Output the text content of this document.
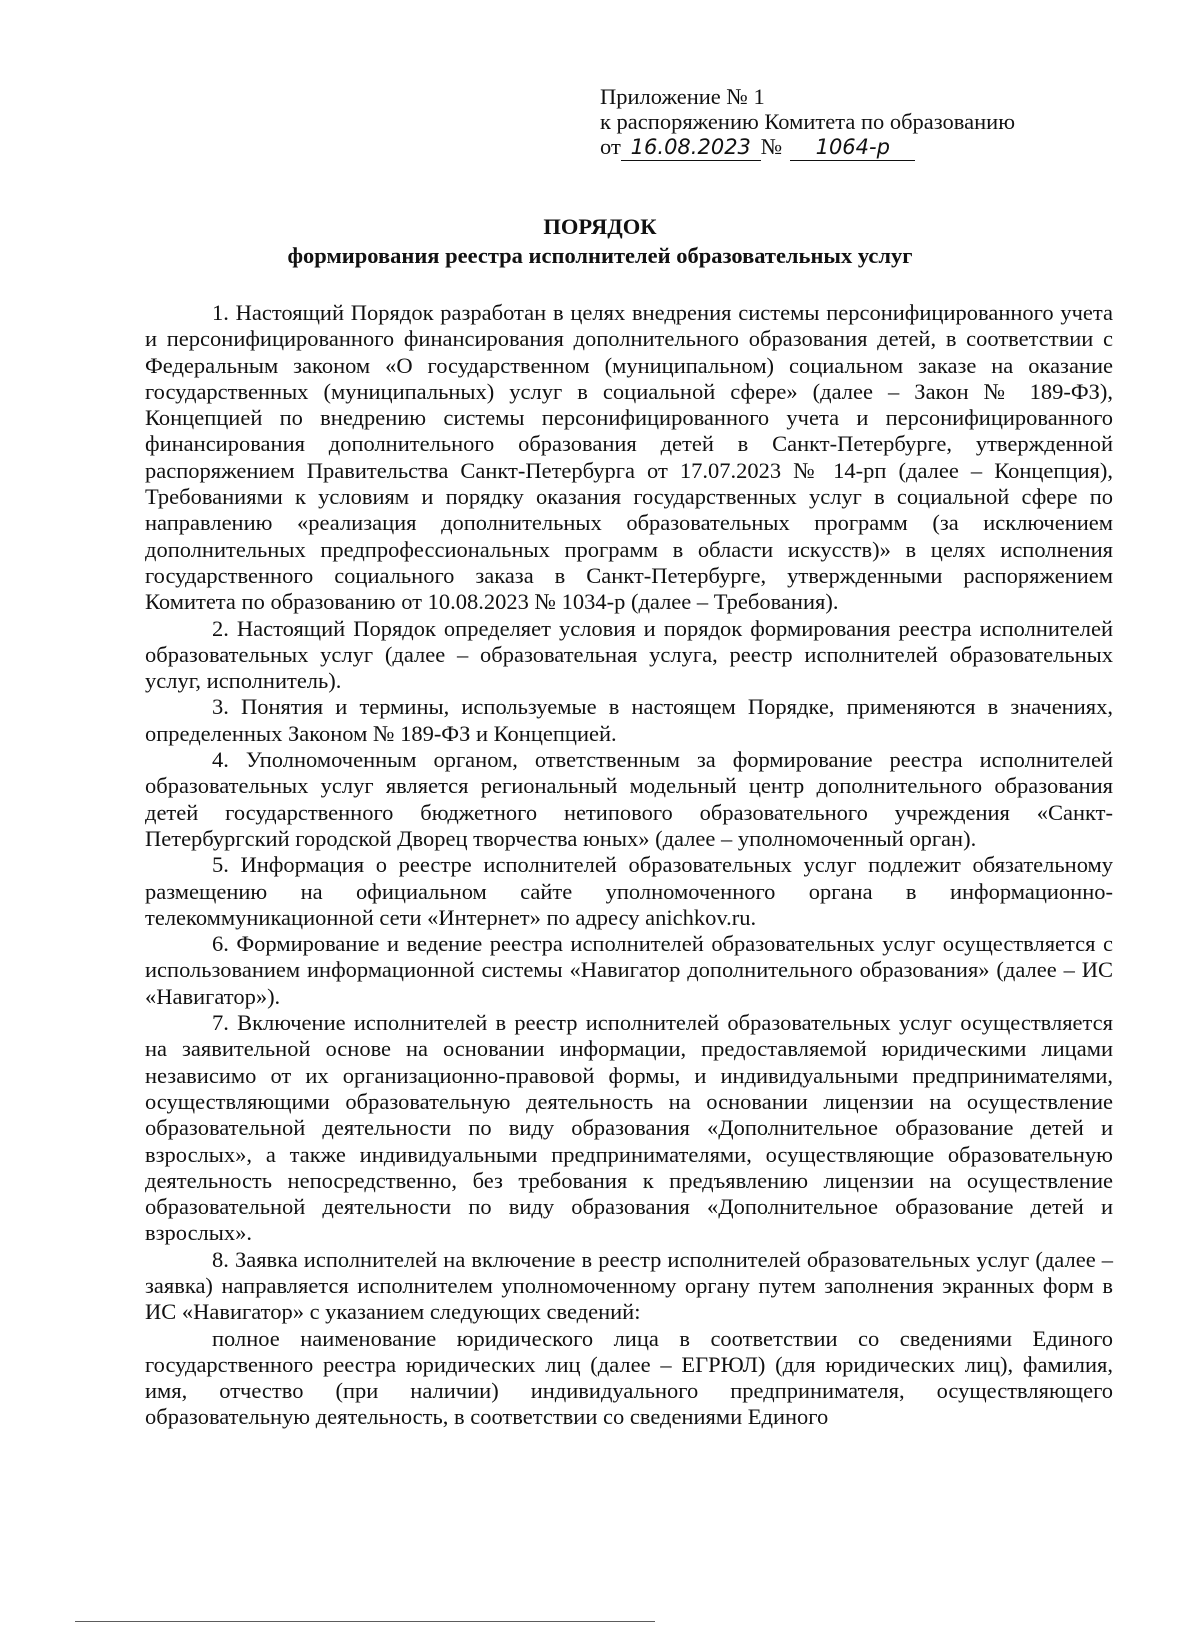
Приложение № 1
к распоряжению Комитета по образованию
от 16.08.2023 № 1064-р
ПОРЯДОК
формирования реестра исполнителей образовательных услуг

1. Настоящий Порядок разработан в целях внедрения системы персонифицированного учета и персонифицированного финансирования дополнительного образования детей, в соответствии с Федеральным законом «О государственном (муниципальном) социальном заказе на оказание государственных (муниципальных) услуг в социальной сфере» (далее – Закон № 189-ФЗ), Концепцией по внедрению системы персонифицированного учета и персонифицированного финансирования дополнительного образования детей в Санкт-Петербурге, утвержденной распоряжением Правительства Санкт-Петербурга от 17.07.2023 № 14-рп (далее – Концепция), Требованиями к условиям и порядку оказания государственных услуг в социальной сфере по направлению «реализация дополнительных образовательных программ (за исключением дополнительных предпрофессиональных программ в области искусств)» в целях исполнения государственного социального заказа в Санкт-Петербурге, утвержденными распоряжением Комитета по образованию от 10.08.2023 № 1034-р (далее – Требования).

2. Настоящий Порядок определяет условия и порядок формирования реестра исполнителей образовательных услуг (далее – образовательная услуга, реестр исполнителей образовательных услуг, исполнитель).

3. Понятия и термины, используемые в настоящем Порядке, применяются в значениях, определенных Законом № 189-ФЗ и Концепцией.

4. Уполномоченным органом, ответственным за формирование реестра исполнителей образовательных услуг является региональный модельный центр дополнительного образования детей государственного бюджетного нетипового образовательного учреждения «Санкт-Петербургский городской Дворец творчества юных» (далее – уполномоченный орган).

5. Информация о реестре исполнителей образовательных услуг подлежит обязательному размещению на официальном сайте уполномоченного органа в информационно-телекоммуникационной сети «Интернет» по адресу anichkov.ru.

6. Формирование и ведение реестра исполнителей образовательных услуг осуществляется с использованием информационной системы «Навигатор дополнительного образования» (далее – ИС «Навигатор»).

7. Включение исполнителей в реестр исполнителей образовательных услуг осуществляется на заявительной основе на основании информации, предоставляемой юридическими лицами независимо от их организационно-правовой формы, и индивидуальными предпринимателями, осуществляющими образовательную деятельность на основании лицензии на осуществление образовательной деятельности по виду образования «Дополнительное образование детей и взрослых», а также индивидуальными предпринимателями, осуществляющие образовательную деятельность непосредственно, без требования к предъявлению лицензии на осуществление образовательной деятельности по виду образования «Дополнительное образование детей и взрослых».

8. Заявка исполнителей на включение в реестр исполнителей образовательных услуг (далее – заявка) направляется исполнителем уполномоченному органу путем заполнения экранных форм в ИС «Навигатор» с указанием следующих сведений:

полное наименование юридического лица в соответствии со сведениями Единого государственного реестра юридических лиц (далее – ЕГРЮЛ) (для юридических лиц), фамилия, имя, отчество (при наличии) индивидуального предпринимателя, осуществляющего образовательную деятельность, в соответствии со сведениями Единого
